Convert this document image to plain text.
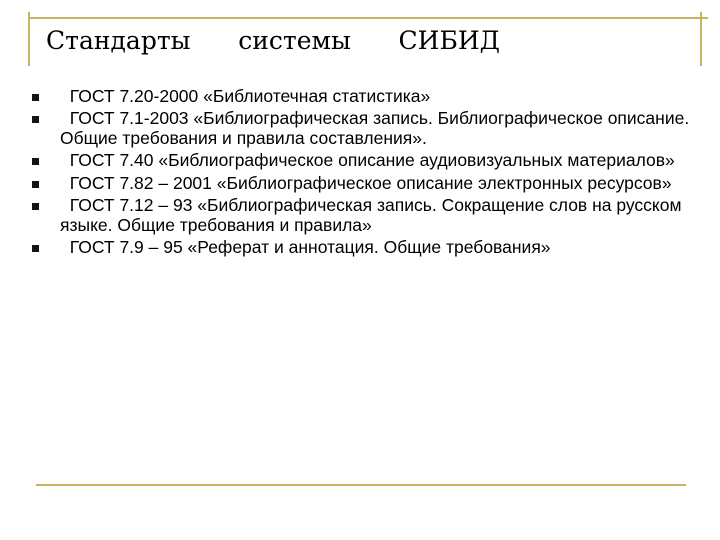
Стандарты      системы      СИБИД
ГОСТ 7.20-2000 «Библиотечная статистика»
ГОСТ 7.1-2003 «Библиографическая запись. Библиографическое описание. Общие требования и правила составления».
ГОСТ 7.40 «Библиографическое описание аудиовизуальных материалов»
ГОСТ 7.82 – 2001 «Библиографическое описание электронных ресурсов»
ГОСТ 7.12 – 93 «Библиографическая запись. Сокращение слов на русском языке. Общие требования и правила»
ГОСТ 7.9 – 95 «Реферат и аннотация. Общие требования»
